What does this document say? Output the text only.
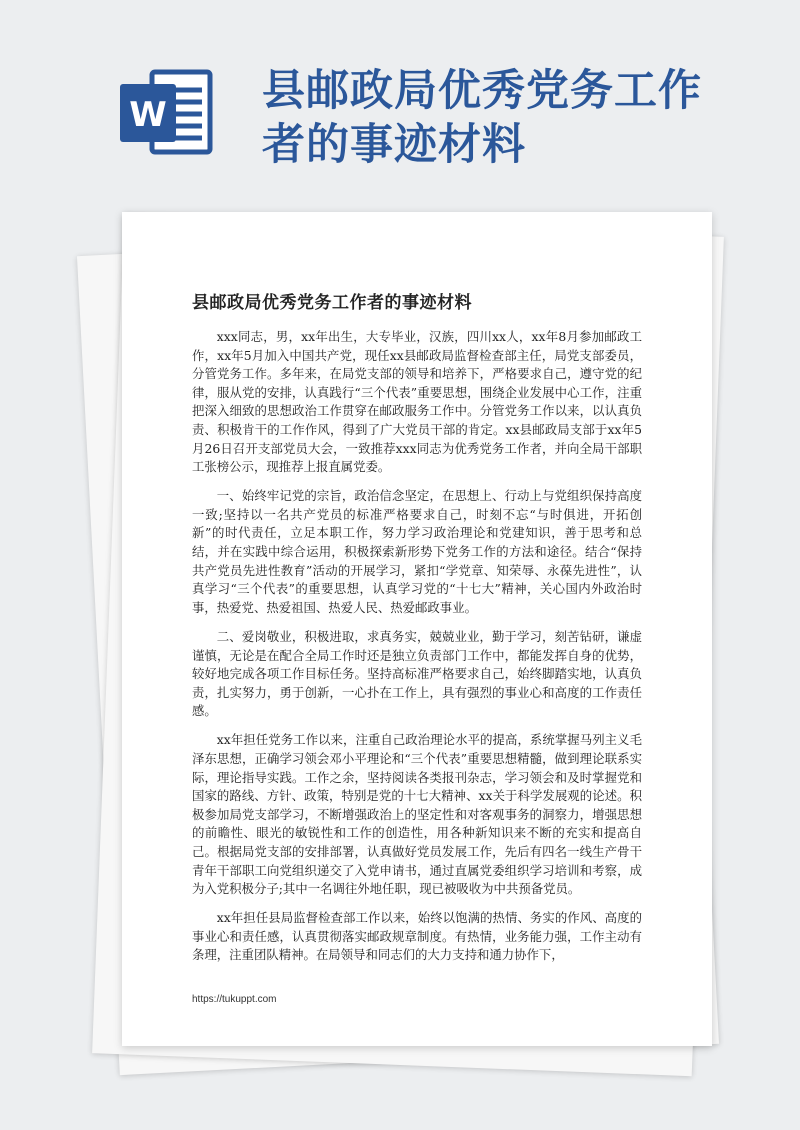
W 县邮政局优秀党务工作者的事迹材料
县邮政局优秀党务工作者的事迹材料

xxx同志，男，xx年出生，大专毕业，汉族，四川xx人，xx年8月参加邮政工作，xx年5月加入中国共产党，现任xx县邮政局监督检查部主任，局党支部委员，分管党务工作。多年来，在局党支部的领导和培养下，严格要求自己，遵守党的纪律，服从党的安排，认真践行“三个代表”重要思想，围绕企业发展中心工作，注重把深入细致的思想政治工作贯穿在邮政服务工作中。分管党务工作以来，以认真负责、积极肯干的工作作风，得到了广大党员干部的肯定。xx县邮政局支部于xx年5月26日召开支部党员大会，一致推荐xxx同志为优秀党务工作者，并向全局干部职工张榜公示，现推荐上报直属党委。

一、始终牢记党的宗旨，政治信念坚定，在思想上、行动上与党组织保持高度一致;坚持以一名共产党员的标准严格要求自己，时刻不忘“与时俱进，开拓创新”的时代责任，立足本职工作，努力学习政治理论和党建知识，善于思考和总结，并在实践中综合运用，积极探索新形势下党务工作的方法和途径。结合“保持共产党员先进性教育”活动的开展学习，紧扣“学党章、知荣辱、永葆先进性”，认真学习“三个代表”的重要思想，认真学习党的“十七大”精神，关心国内外政治时事，热爱党、热爱祖国、热爱人民、热爱邮政事业。

二、爱岗敬业，积极进取，求真务实，兢兢业业，勤于学习，刻苦钻研，谦虚谨慎，无论是在配合全局工作时还是独立负责部门工作中，都能发挥自身的优势，较好地完成各项工作目标任务。坚持高标准严格要求自己，始终脚踏实地，认真负责，扎实努力，勇于创新，一心扑在工作上，具有强烈的事业心和高度的工作责任感。

xx年担任党务工作以来，注重自己政治理论水平的提高，系统掌握马列主义毛泽东思想，正确学习领会邓小平理论和“三个代表”重要思想精髓，做到理论联系实际，理论指导实践。工作之余，坚持阅读各类报刊杂志，学习领会和及时掌握党和国家的路线、方针、政策，特别是党的十七大精神、xx关于科学发展观的论述。积极参加局党支部学习，不断增强政治上的坚定性和对客观事务的洞察力，增强思想的前瞻性、眼光的敏锐性和工作的创造性，用各种新知识来不断的充实和提高自己。根据局党支部的安排部署，认真做好党员发展工作，先后有四名一线生产骨干青年干部职工向党组织递交了入党申请书，通过直属党委组织学习培训和考察，成为入党积极分子;其中一名调往外地任职，现已被吸收为中共预备党员。

xx年担任县局监督检查部工作以来，始终以饱满的热情、务实的作风、高度的事业心和责任感，认真贯彻落实邮政规章制度。有热情，业务能力强，工作主动有条理，注重团队精神。在局领导和同志们的大力支持和通力协作下，

https://tukuppt.com
